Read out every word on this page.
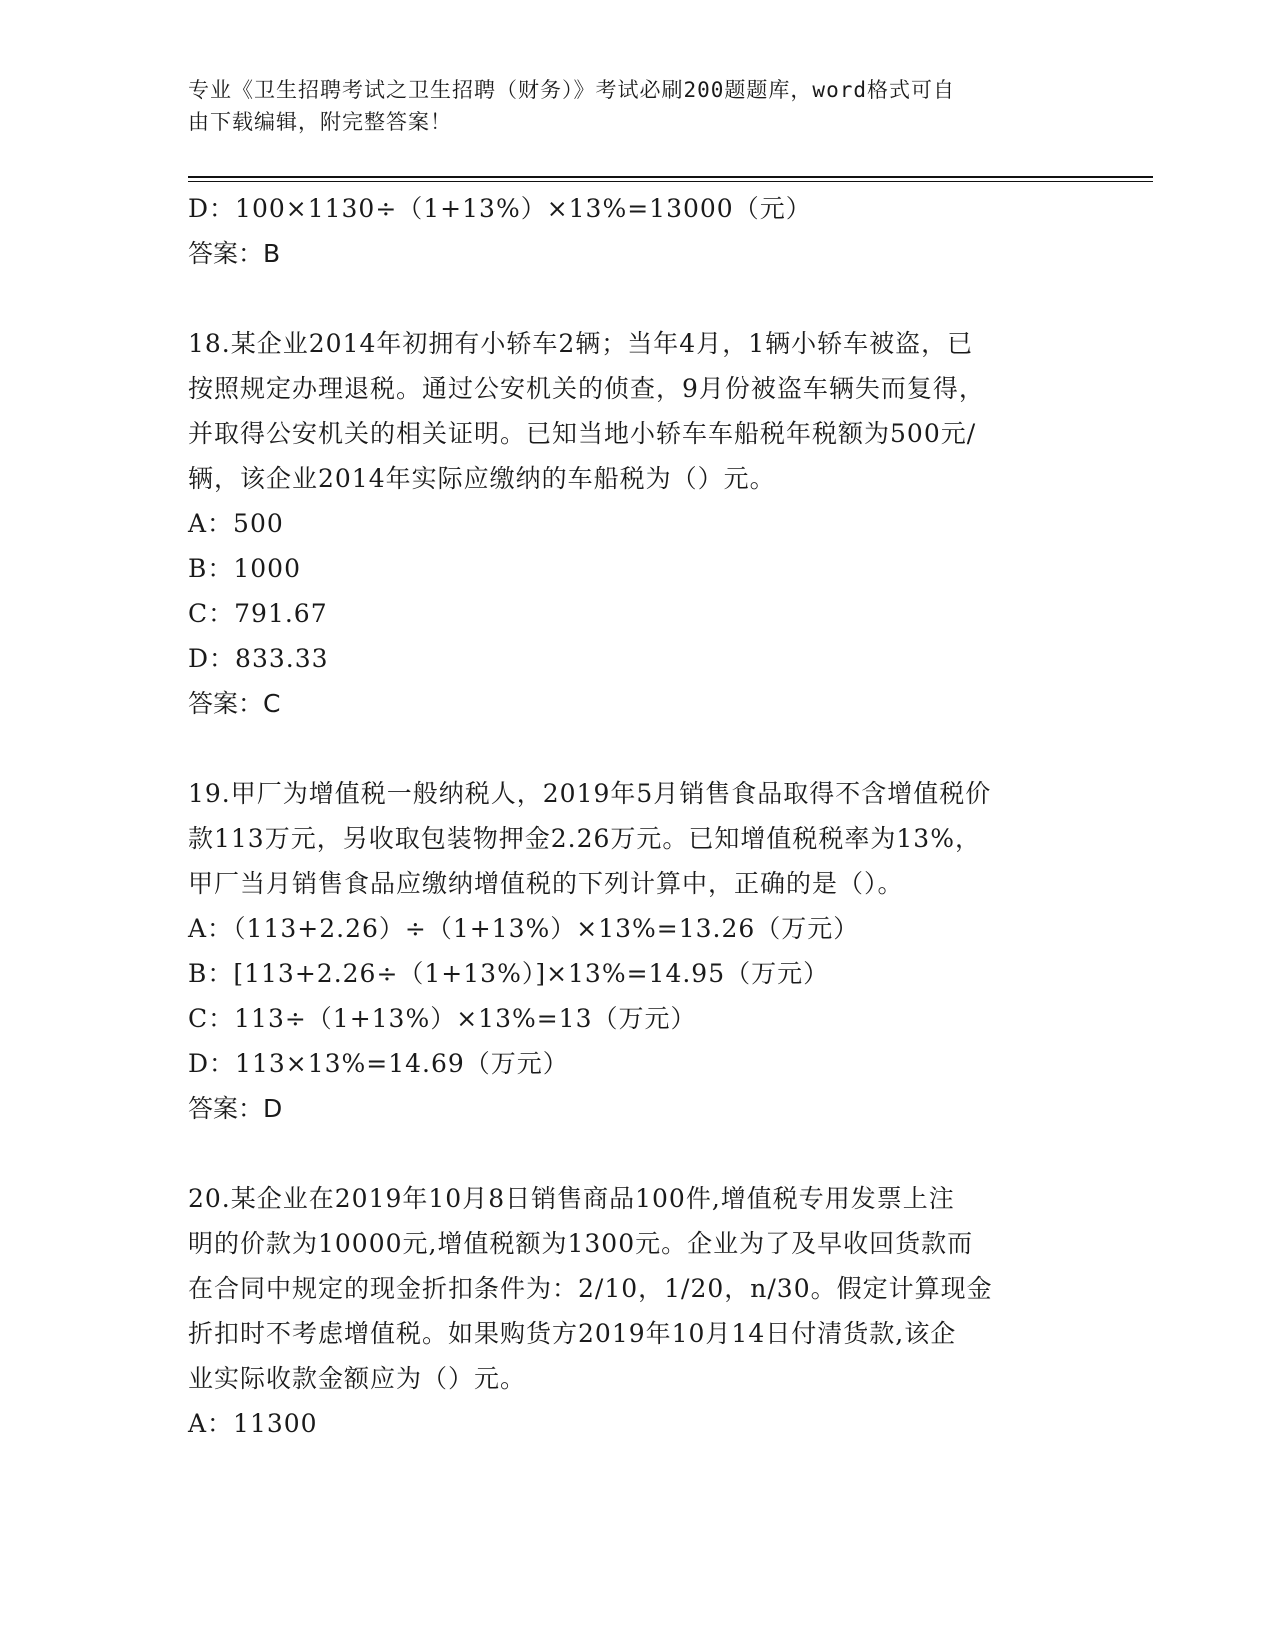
专业《卫生招聘考试之卫生招聘（财务）》考试必刷200题题库，word格式可自
由下载编辑，附完整答案！
D：100×1130÷（1+13%）×13%=13000（元）
答案：B
18.某企业2014年初拥有小轿车2辆；当年4月，1辆小轿车被盗，已
按照规定办理退税。通过公安机关的侦查，9月份被盗车辆失而复得，
并取得公安机关的相关证明。已知当地小轿车车船税年税额为500元/
辆，该企业2014年实际应缴纳的车船税为（）元。
A：500
B：1000
C：791.67
D：833.33
答案：C
19.甲厂为增值税一般纳税人，2019年5月销售食品取得不含增值税价
款113万元，另收取包装物押金2.26万元。已知增值税税率为13%，
甲厂当月销售食品应缴纳增值税的下列计算中，正确的是（）。
A：（113+2.26）÷（1+13%）×13%=13.26（万元）
B：[113+2.26÷（1+13%）]×13%=14.95（万元）
C：113÷（1+13%）×13%=13（万元）
D：113×13%=14.69（万元）
答案：D
20.某企业在2019年10月8日销售商品100件,增值税专用发票上注
明的价款为10000元,增值税额为1300元。企业为了及早收回货款而
在合同中规定的现金折扣条件为：2/10，1/20，n/30。假定计算现金
折扣时不考虑增值税。如果购货方2019年10月14日付清货款,该企
业实际收款金额应为（）元。
A：11300
